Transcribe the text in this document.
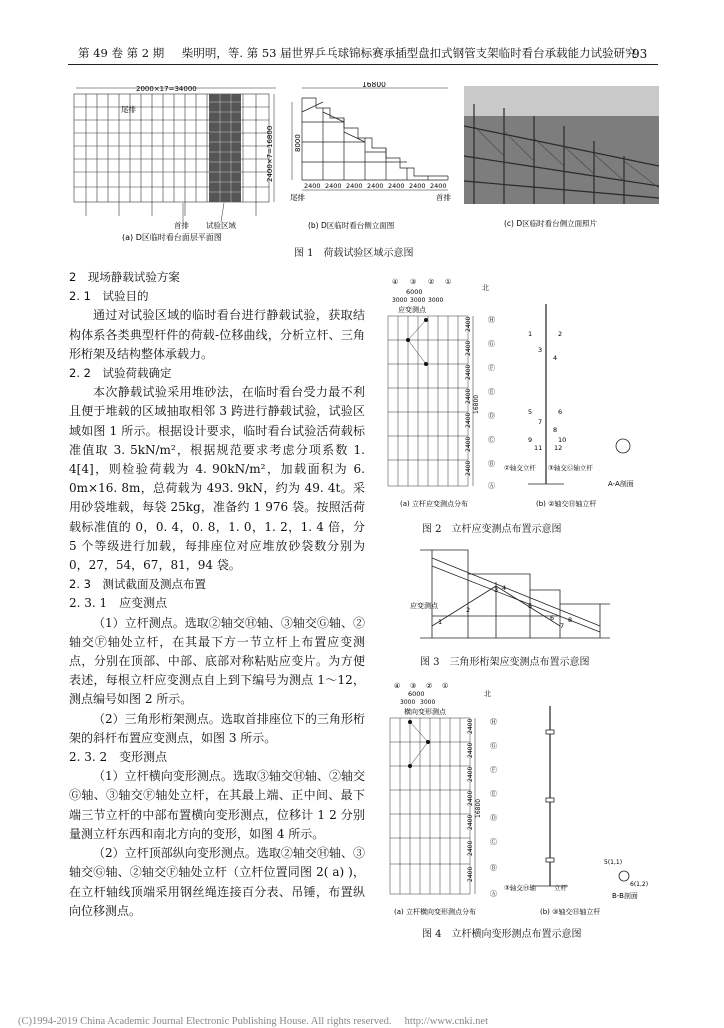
第 49 卷 第 2 期 柴明明，等. 第 53 届世界乒乓球锦标赛承插型盘扣式钢管支架临时看台承载能力试验研究
93
2000×17=34000
2400×7=16800
尾排
首排 试验区域
(a) D区临时看台面层平面图
16800
8000
2400 2400 2400 2400 2400 2400 2400
尾排	首排
(b) D区临时看台侧立面图	(c) D区临时看台侧立面照片
图 1　荷载试验区域示意图

2　现场静载试验方案

2. 1　试验目的

通过对试验区域的临时看台进行静载试验，获取结构体系各类典型杆件的荷载-位移曲线，分析立杆、三角形桁架及结构整体承载力。

2. 2　试验荷载确定

本次静载试验采用堆砂法，在临时看台受力最不利且便于堆载的区域抽取相邻 3 跨进行静载试验，试验区域如图 1 所示。根据设计要求，临时看台试验活荷载标准值取 3. 5kN/m²，根据规范要求考虑分项系数 1. 4[4]，则检验荷载为 4. 90kN/m²，加载面积为 6. 0m×16. 8m，总荷载为 493. 9kN，约为 49. 4t。采用砂袋堆载，每袋 25kg，准备约 1 976 袋。按照活荷载标准值的 0，0. 4，0. 8，1. 0，1. 2，1. 4 倍，分 5 个等级进行加载，每排座位对应堆放砂袋数分别为 0，27，54，67，81，94 袋。

2. 3　测试截面及测点布置

2. 3. 1　应变测点

（1）立杆测点。选取②轴交Ⓗ轴、③轴交Ⓖ轴、②轴交Ⓕ轴处立杆，在其最下方一节立杆上布置应变测点，分别在顶部、中部、底部对称粘贴应变片。为方便表述，每根立杆应变测点自上到下编号为测点 1～12，测点编号如图 2 所示。

（2）三角形桁架测点。选取首排座位下的三角形桁架的斜杆布置应变测点，如图 3 所示。

2. 3. 2　变形测点

（1）立杆横向变形测点。选取③轴交Ⓗ轴、②轴交Ⓖ轴、③轴交Ⓕ轴处立杆，在其最上端、正中间、最下端三节立杆的中部布置横向变形测点，位移计 1 2 分别量测立杆东西和南北方向的变形，如图 4 所示。

（2）立杆顶部纵向变形测点。选取②轴交Ⓗ轴、③轴交Ⓖ轴、②轴交Ⓕ轴处立杆（立杆位置同图 2( a) )，在立杆轴线顶端采用钢丝绳连接百分表、吊锤，布置纵向位移测点。

④ ③ ② ①
北
6000
3000 3000 3000
应变测点
2400
2400
2400
2400
2400
2400
2400
16800
Ⓗ
Ⓖ
Ⓕ
Ⓔ
Ⓓ
Ⓒ
Ⓑ
Ⓐ
1	2
3
4
5	6
7
8
9	10
11 12
A-A剖面
②轴交立杆 ③轴交Ⓖ轴立杆
(a) 立杆应变测点分布	(b) ②轴交Ⓗ轴立杆
图 2　立杆应变测点布置示意图
1
2
3 4
5
6
7
8
应变测点
图 3　三角形桁架应变测点布置示意图
④ ③ ② ①
北
6000
3000 3000
横向变形测点
2400
2400
2400
2400
2400
2400
2400
16800
Ⓗ
Ⓖ
Ⓕ
Ⓔ
Ⓓ
Ⓒ
Ⓑ
Ⓐ
5(1,1)
6(1,2)
B-B剖面
③轴交Ⓗ轴	立杆
(a) 立杆横向变形测点分布	(b) ③轴交Ⓗ轴立杆
图 4　立杆横向变形测点布置示意图
(C)1994-2019 China Academic Journal Electronic Publishing House. All rights reserved.　 http://www.cnki.net
